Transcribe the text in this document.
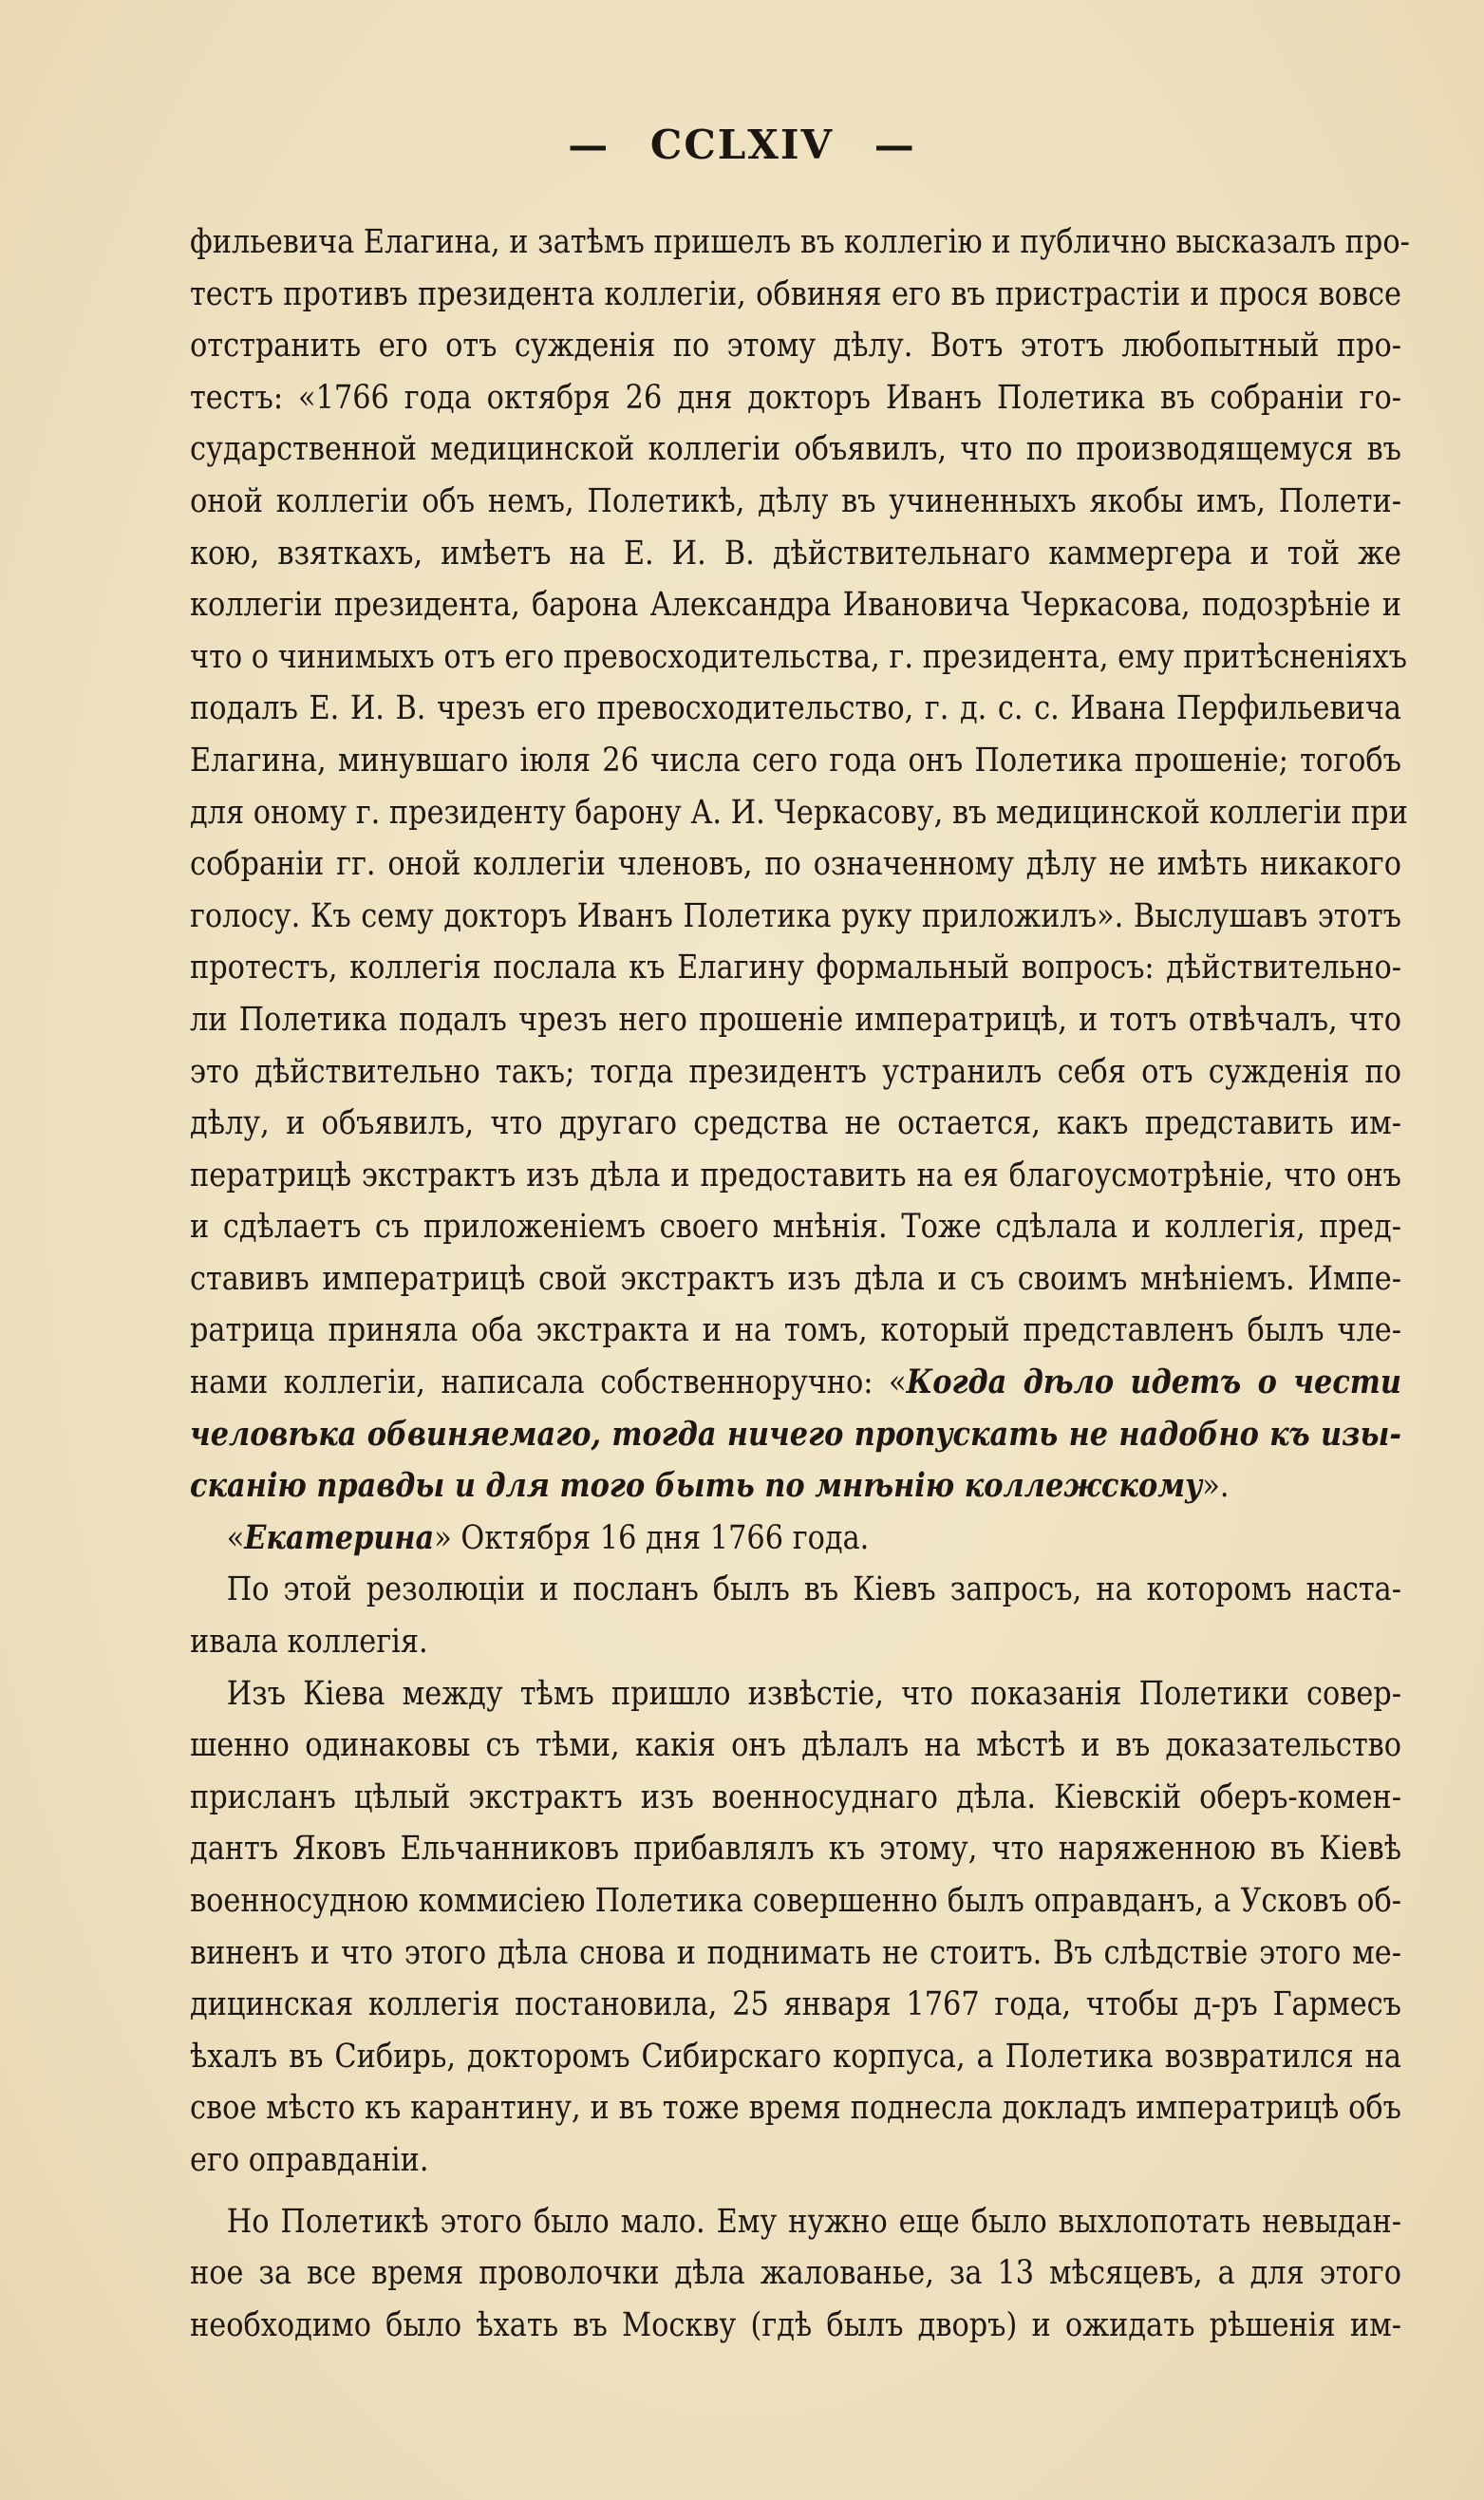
— CCLXIV —
фильевича Елагина, и затѣмъ пришелъ въ коллегію и публично высказалъ про-
тестъ противъ президента коллегіи, обвиняя его въ пристрастіи и прося вовсе
отстранить его отъ сужденія по этому дѣлу. Вотъ этотъ любопытный про-
тестъ: «1766 года октября 26 дня докторъ Иванъ Полетика въ собраніи го-
сударственной медицинской коллегіи объявилъ, что по производящемуся въ
оной коллегіи объ немъ, Полетикѣ, дѣлу въ учиненныхъ якобы имъ, Полети-
кою, взяткахъ, имѣетъ на Е. И. В. дѣйствительнаго каммергера и той же
коллегіи президента, барона Александра Ивановича Черкасова, подозрѣніе и
что о чинимыхъ отъ его превосходительства, г. президента, ему притѣсненіяхъ
подалъ Е. И. В. чрезъ его превосходительство, г. д. с. с. Ивана Перфильевича
Елагина, минувшаго іюля 26 числа сего года онъ Полетика прошеніе; тогобъ
для оному г. президенту барону А. И. Черкасову, въ медицинской коллегіи при
собраніи гг. оной коллегіи членовъ, по означенному дѣлу не имѣть никакого
голосу. Къ сему докторъ Иванъ Полетика руку приложилъ». Выслушавъ этотъ
протестъ, коллегія послала къ Елагину формальный вопросъ: дѣйствительно-
ли Полетика подалъ чрезъ него прошеніе императрицѣ, и тотъ отвѣчалъ, что
это дѣйствительно такъ; тогда президентъ устранилъ себя отъ сужденія по
дѣлу, и объявилъ, что другаго средства не остается, какъ представить им-
ператрицѣ экстрактъ изъ дѣла и предоставить на ея благоусмотрѣніе, что онъ
и сдѣлаетъ съ приложеніемъ своего мнѣнія. Тоже сдѣлала и коллегія, пред-
ставивъ императрицѣ свой экстрактъ изъ дѣла и съ своимъ мнѣніемъ. Импе-
ратрица приняла оба экстракта и на томъ, который представленъ былъ чле-
нами коллегіи, написала собственноручно: «Когда дѣло идетъ о чести
человѣка обвиняемаго, тогда ничего пропускать не надобно къ изы-
сканію правды и для того быть по мнѣнію коллежскому».
«Екатерина» Октября 16 дня 1766 года.
По этой резолюціи и посланъ былъ въ Кіевъ запросъ, на которомъ наста-
ивала коллегія.
Изъ Кіева между тѣмъ пришло извѣстіе, что показанія Полетики совер-
шенно одинаковы съ тѣми, какія онъ дѣлалъ на мѣстѣ и въ доказательство
присланъ цѣлый экстрактъ изъ военносуднаго дѣла. Кіевскій оберъ-комен-
дантъ Яковъ Ельчанниковъ прибавлялъ къ этому, что наряженною въ Кіевѣ
военносудною коммисіею Полетика совершенно былъ оправданъ, а Усковъ об-
виненъ и что этого дѣла снова и поднимать не стоитъ. Въ слѣдствіе этого ме-
дицинская коллегія постановила, 25 января 1767 года, чтобы д-ръ Гармесъ
ѣхалъ въ Сибирь, докторомъ Сибирскаго корпуса, а Полетика возвратился на
свое мѣсто къ карантину, и въ тоже время поднесла докладъ императрицѣ объ
его оправданіи.
Но Полетикѣ этого было мало. Ему нужно еще было выхлопотать невыдан-
ное за все время проволочки дѣла жалованье, за 13 мѣсяцевъ, а для этого
необходимо было ѣхать въ Москву (гдѣ былъ дворъ) и ожидать рѣшенія им-
